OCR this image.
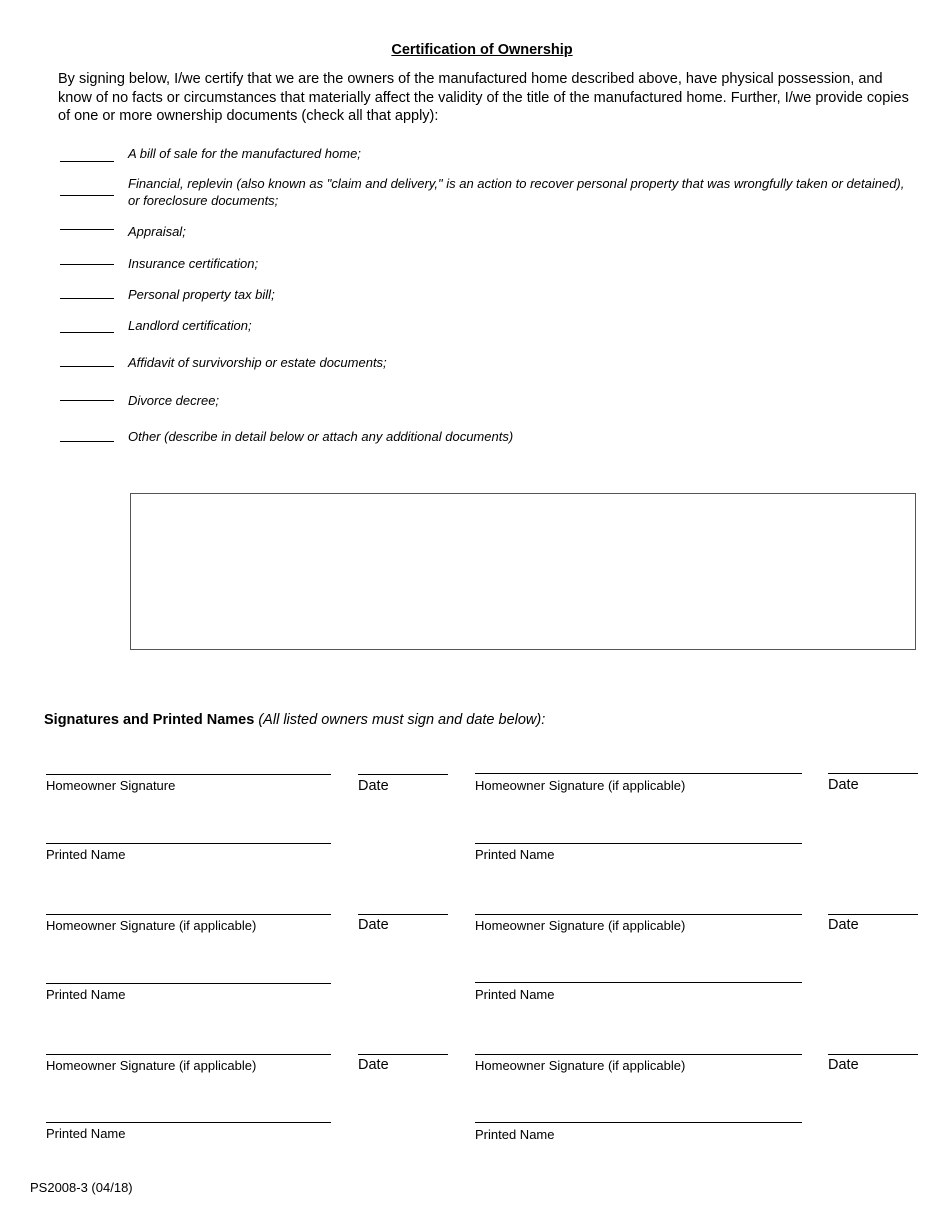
Certification of Ownership
By signing below, I/we certify that we are the owners of the manufactured home described above, have physical possession, and know of no facts or circumstances that materially affect the validity of the title of the manufactured home. Further, I/we provide copies of one or more ownership documents (check all that apply):
A bill of sale for the manufactured home;
Financial, replevin (also known as "claim and delivery," is an action to recover personal property that was wrongfully taken or detained), or foreclosure documents;
Appraisal;
Insurance certification;
Personal property tax bill;
Landlord certification;
Affidavit of survivorship or estate documents;
Divorce decree;
Other (describe in detail below or attach any additional documents)
Signatures and Printed Names (All listed owners must sign and date below):
Homeowner Signature	Date	Homeowner Signature (if applicable)	Date
Printed Name	Printed Name
Homeowner Signature (if applicable)	Date	Homeowner Signature (if applicable)	Date
Printed Name	Printed Name
Homeowner Signature (if applicable)	Date	Homeowner Signature (if applicable)	Date
Printed Name	Printed Name
PS2008-3 (04/18)
